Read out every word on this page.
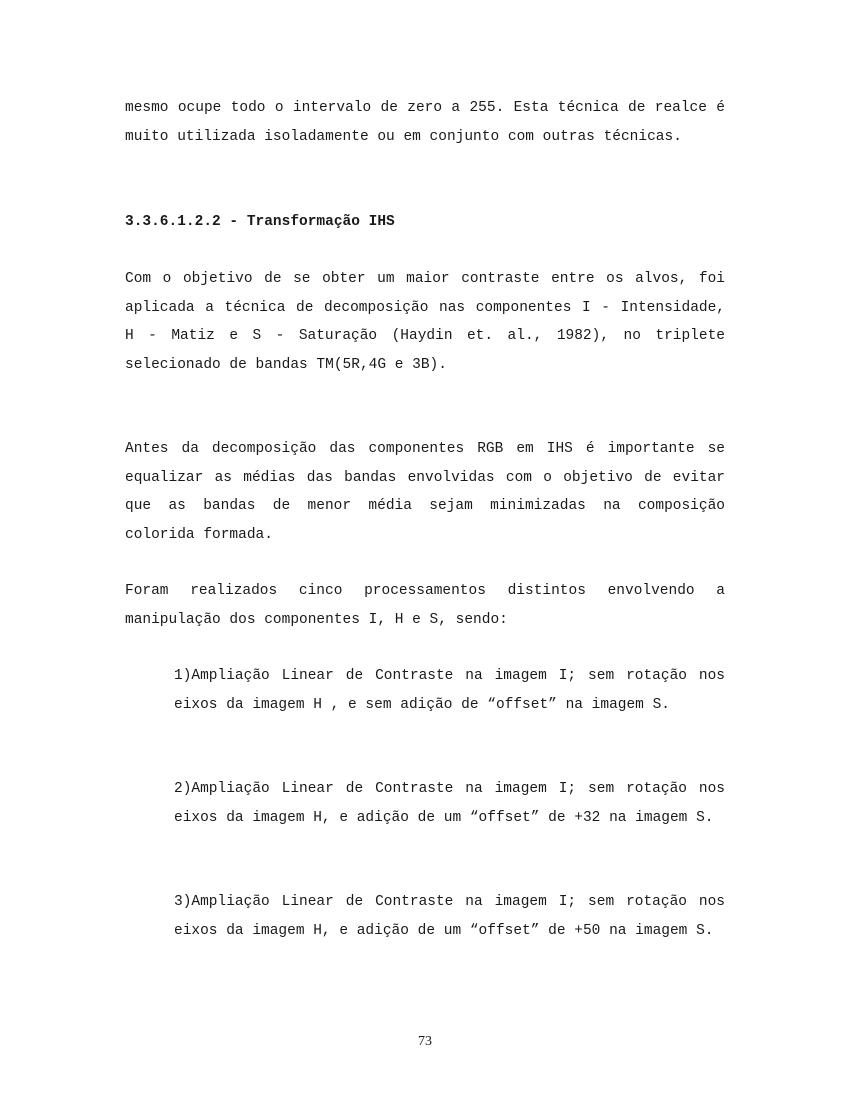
mesmo ocupe todo o intervalo de zero a 255. Esta técnica de realce é muito utilizada isoladamente ou em conjunto com outras técnicas.
3.3.6.1.2.2 - Transformação IHS
Com o objetivo de se obter um maior contraste entre os alvos, foi aplicada a técnica de decomposição nas componentes I - Intensidade, H - Matiz e S - Saturação (Haydin et. al., 1982), no triplete selecionado de bandas TM(5R,4G e 3B).
Antes da decomposição das componentes RGB em IHS é importante se equalizar as médias das bandas envolvidas com o objetivo de evitar que as bandas de menor média sejam minimizadas na composição colorida formada.
Foram realizados cinco processamentos distintos envolvendo a manipulação dos componentes I, H e S, sendo:
1)Ampliação Linear de Contraste na imagem I; sem rotação nos eixos da imagem H , e sem adição de “offset” na imagem S.
2)Ampliação Linear de Contraste na imagem I; sem rotação nos eixos da imagem H, e adição de um “offset” de +32 na imagem S.
3)Ampliação Linear de Contraste na imagem I; sem rotação nos eixos da imagem H, e adição de um “offset” de +50 na imagem S.
73
